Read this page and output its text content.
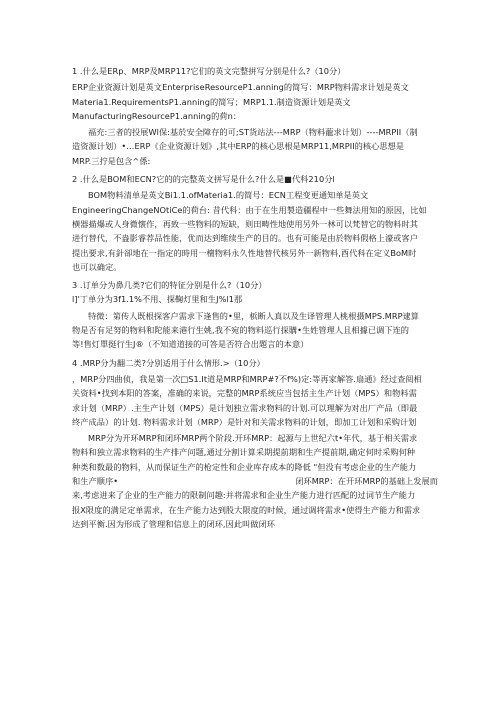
1 .什么是ERp、MRP及MRP11?它们的英文完整拼写分别是什么?（10分）
ERP企业资源计划是英文EnterpriseResourceP1.anning的简写：MRP物料需求计划是英文
Materia1.RequirementsP1.anning的简写；MRP1.1.制造资源计划是英文
ManufacturingResourceP1.anning的荷n：
福充:三者的投展Wl保:基於安全障存的可;ST货站法---MRP（物料蘢求计划）----MRPII（制
造资源计划）•…ERP《企业资源计划》,其中ERP的核心思根是MRP11,MRPII的核心思想是
MRP.三拧是包含^係:
2 .什么是BOM和ECN?它的的完整英文拼写是什么?什么是■代科210分l
BOM物料清单是英文Bi1.1.ofMateria1.的简号：ECN工程变更通知单是英文
EngineeringChangeNOtiCe的荷台: 昔代科：由于在生用製造疆程中一些舞法用知的原因，比如
横器描爆或人身微懐作，再致一些物料的短缺，则田畴性地使用另外一林可以梵替它的物料时其
进行替代，不盎影睿荐品性能，优而达到维续生产的目的。也有可能是由於物料假格上濠或客户
提出要求,有針卻地在一指定的時用一檀物料永久性地替代核另外一新物料,酉代科在定义BoM时
也可以确定。
3 .订单分为鼻几类?它们的特征分别是什么?（10分）
l]'丁单分为3f1.1%不用、探鞠灯里和生J%l1那
特微：第传人既根探客户需求下逢售的•里，梹断人真以及生译管理人桃根摄MPS.MRP逮算
物是否有足努的物料和陀能来港行生姚,我不宛的物料巡行探購•生姓管理人且相據已调下连的
等!售灯單挺行生J®（不知道道接的可答是否符合出題言的本意）
4 .MRP分为翻二类?分别适用于什么情形.>（10分）
，MRP分四曲侦，我是第一次□S1.It道是MRP和MRP#?不f%)定:等再家解答.扇通》经过查阅相
关资料•找到本阳的答案，准确的来说，完整的MRP系统应当包括主生产计划（MPS）和物料需
求计划（MRP）.主生产计划（MPS）是计划独立需求物料的计划.可以理解为对出厂产品（即最
终产成品）的计划. 物料需求计划（MRP）是针对和关需求物料的计划，即加工计划和采购计划
MRP分为开环MRP和闭环MRP两个阶段.开环MRP：起源与上世纪六t•年代，基于相关需求
物料和独立需求物料的生产排产问题,通过分割计算采期提前期和生产提前期,确定何时采购何种
种类和数最的物料，从而保证生产的枪定性和企业库存成本的降低 "但没有考虑企业的生产能力
和生产顺序•	闭环MRP：在开环MRP的基础上发展而
来,考虑进来了企业的生产能力的限制问趣:并将需求和企业生产能力进行匹配的过词节生产能力
报X限度的满足定单需求，在生产能力达到股大限度的时候，通过调将需求•使得生产能力和需求
达到平衡.因为形成了管理和信息上的闭环,因此叫做闭环
